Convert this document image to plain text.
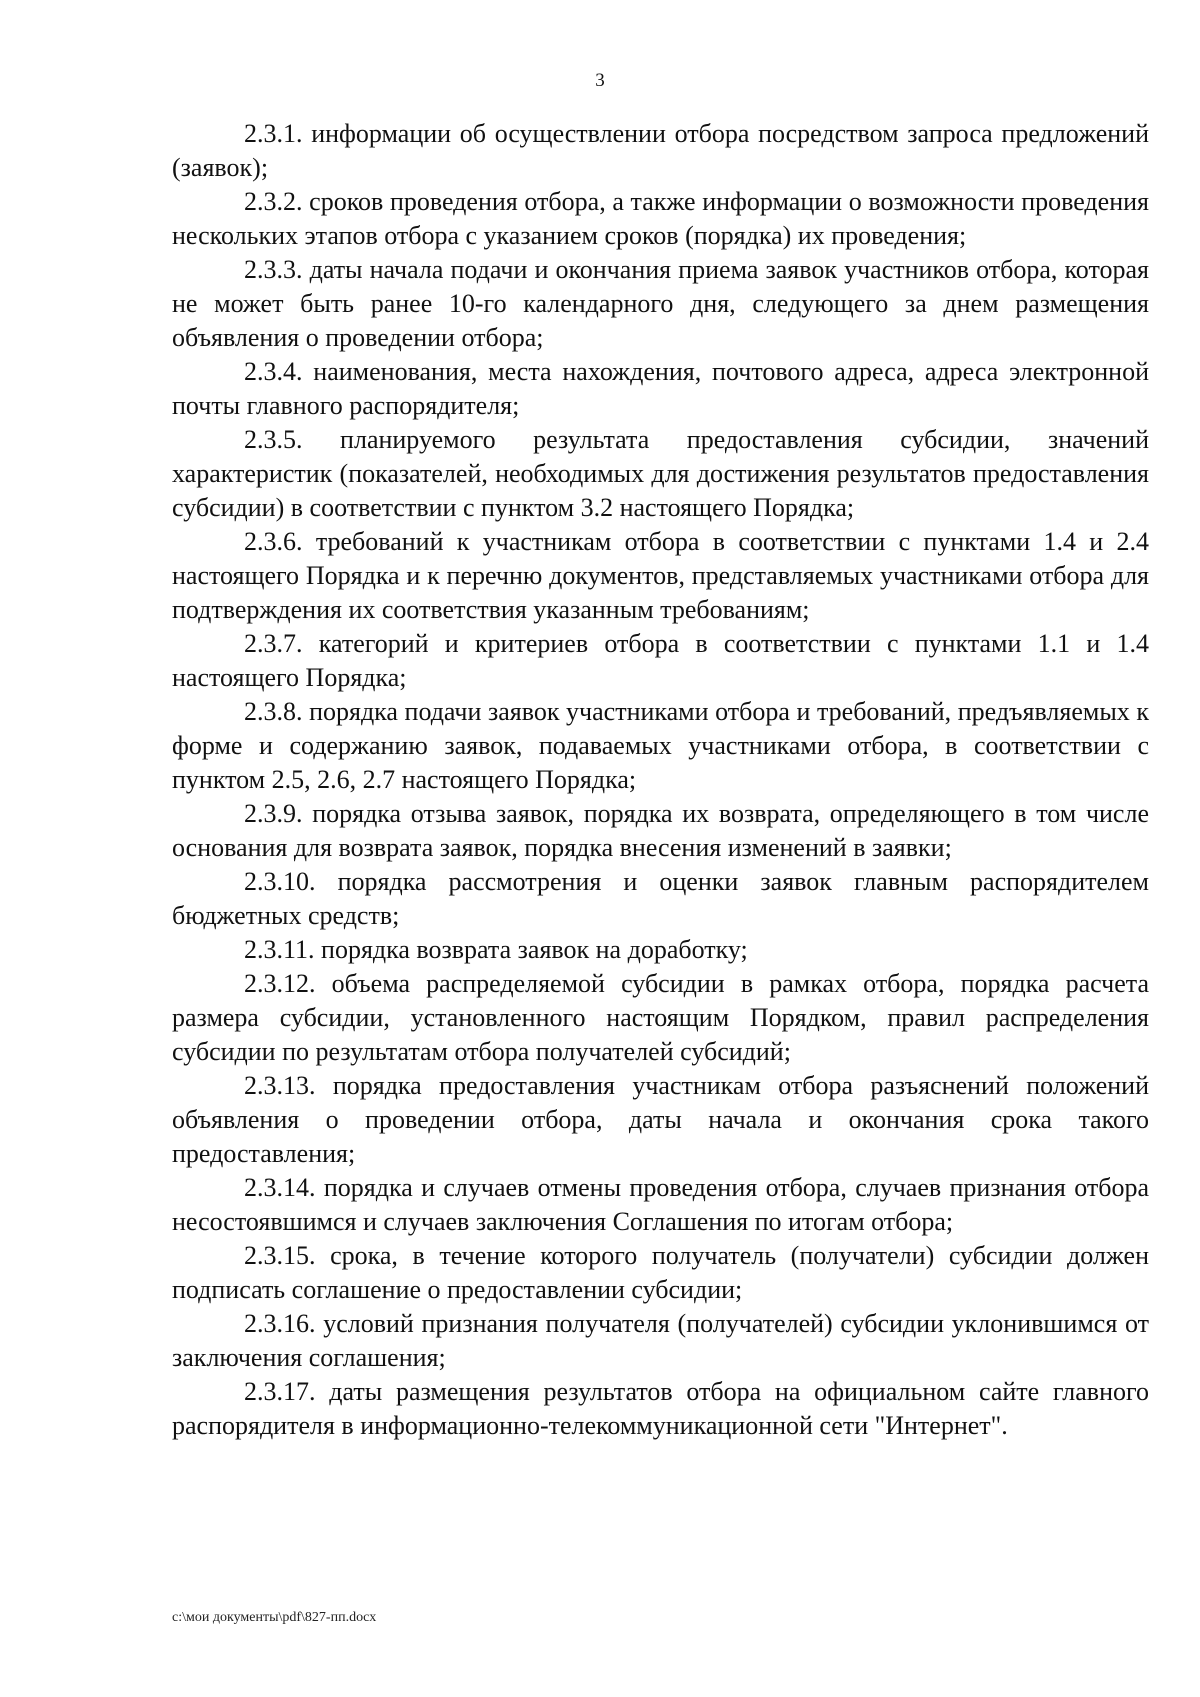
3

2.3.1. информации об осуществлении отбора посредством запроса предложений (заявок);

2.3.2. сроков проведения отбора, а также информации о возможности проведения нескольких этапов отбора с указанием сроков (порядка) их проведения;

2.3.3. даты начала подачи и окончания приема заявок участников отбора, которая не может быть ранее 10-го календарного дня, следующего за днем размещения объявления о проведении отбора;

2.3.4. наименования, места нахождения, почтового адреса, адреса электронной почты главного распорядителя;

2.3.5. планируемого результата предоставления субсидии, значений характеристик (показателей, необходимых для достижения результатов предоставления субсидии) в соответствии с пунктом 3.2 настоящего Порядка;

2.3.6. требований к участникам отбора в соответствии с пунктами 1.4 и 2.4 настоящего Порядка и к перечню документов, представляемых участниками отбора для подтверждения их соответствия указанным требованиям;

2.3.7. категорий и критериев отбора в соответствии с пунктами 1.1 и 1.4 настоящего Порядка;

2.3.8. порядка подачи заявок участниками отбора и требований, предъявляемых к форме и содержанию заявок, подаваемых участниками отбора, в соответствии с пунктом 2.5, 2.6, 2.7 настоящего Порядка;

2.3.9. порядка отзыва заявок, порядка их возврата, определяющего в том числе основания для возврата заявок, порядка внесения изменений в заявки;

2.3.10. порядка рассмотрения и оценки заявок главным распорядителем бюджетных средств;

2.3.11. порядка возврата заявок на доработку;

2.3.12. объема распределяемой субсидии в рамках отбора, порядка расчета размера субсидии, установленного настоящим Порядком, правил распределения субсидии по результатам отбора получателей субсидий;

2.3.13. порядка предоставления участникам отбора разъяснений положений объявления о проведении отбора, даты начала и окончания срока такого предоставления;

2.3.14. порядка и случаев отмены проведения отбора, случаев признания отбора несостоявшимся и случаев заключения Соглашения по итогам отбора;

2.3.15. срока, в течение которого получатель (получатели) субсидии должен подписать соглашение о предоставлении субсидии;

2.3.16. условий признания получателя (получателей) субсидии уклонившимся от заключения соглашения;

2.3.17. даты размещения результатов отбора на официальном сайте главного распорядителя в информационно-телекоммуникационной сети "Интернет".

c:\мои документы\pdf\827-пп.docx
